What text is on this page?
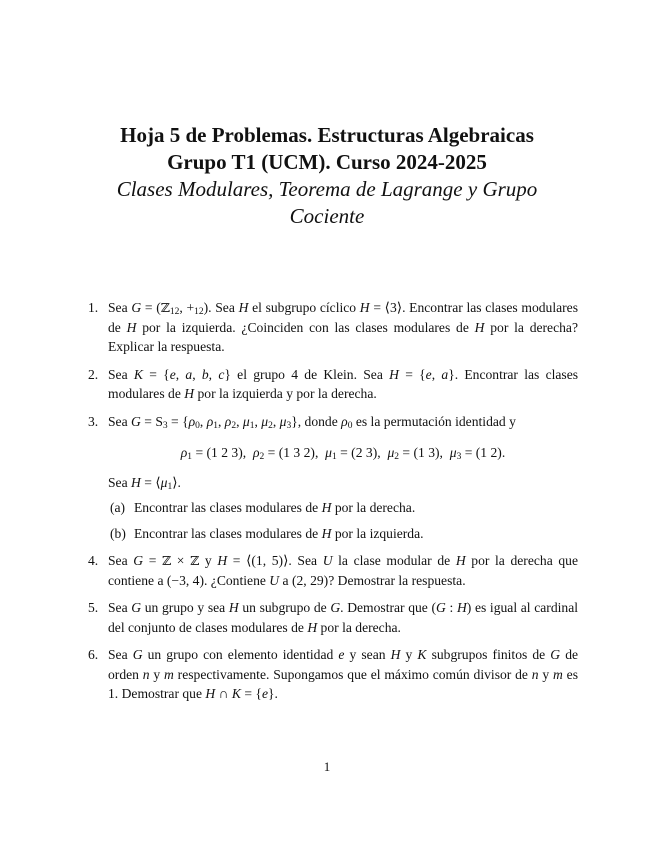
Hoja 5 de Problemas. Estructuras Algebraicas
Grupo T1 (UCM). Curso 2024-2025
Clases Modulares, Teorema de Lagrange y Grupo
Cociente
1. Sea G = (ℤ$_{12}$, $+_{12}$). Sea H el subgrupo cíclico H = ⟨3⟩. Encontrar las clases modulares de H por la izquierda. ¿Coinciden con las clases modulares de H por la derecha? Explicar la respuesta.
2. Sea K = {e, a, b, c} el grupo 4 de Klein. Sea H = {e, a}. Encontrar las clases modulares de H por la izquierda y por la derecha.
3. Sea $G = S_3 = \{\rho_0$, $\rho_1$, $\rho_2$, $\mu_1$, $\mu_2$, $\mu_3$}, donde $\rho_0$ es la permutación identidad y
$\rho_1 = (1$ 2 3),  $\rho_2 = (1$ 3 2),  $\mu_1 = (2$ 3),  $\mu_2 = (1$ 3),  $\mu_3 = (1$ 2).
Sea $H = ⟨\mu_1⟩$.
(a) Encontrar las clases modulares de H por la derecha.
(b) Encontrar las clases modulares de H por la izquierda.
4. Sea G = ℤ × ℤ y H = ⟨(1, 5)⟩. Sea U la clase modular de H por la derecha que contiene a (−3, 4). ¿Contiene U a (2, 29)? Demostrar la respuesta.
5. Sea G un grupo y sea H un subgrupo de G. Demostrar que (G : H) es igual al cardinal del conjunto de clases modulares de H por la derecha.
6. Sea G un grupo con elemento identidad e y sean H y K subgrupos finitos de G de orden n y m respectivamente. Supongamos que el máximo común divisor de n y m es 1. Demostrar que H ∩ K = {e}.
1
